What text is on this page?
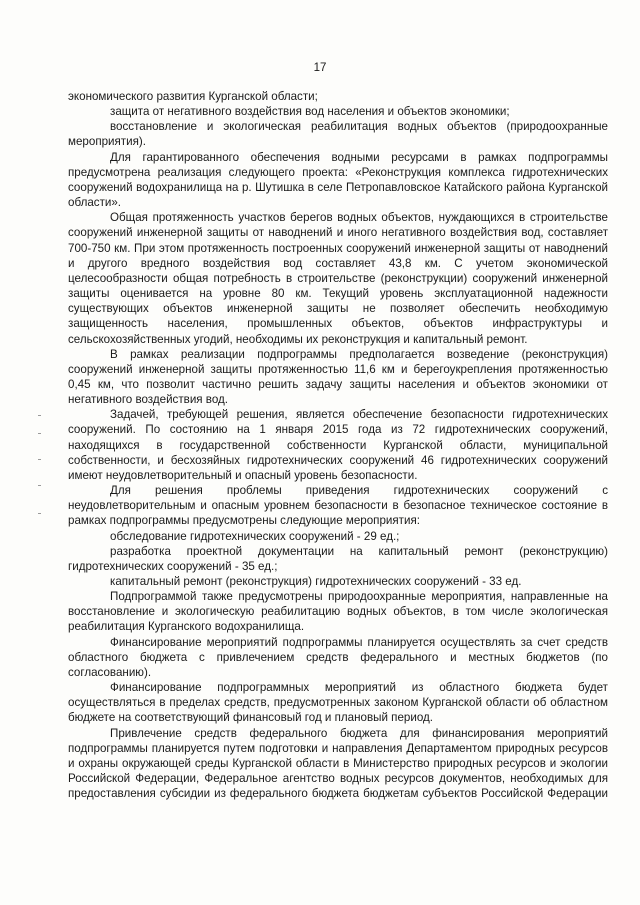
17

экономического развития Курганской области;

защита от негативного воздействия вод населения и объектов экономики;

восстановление и экологическая реабилитация водных объектов (природоохранные мероприятия).

Для гарантированного обеспечения водными ресурсами в рамках подпрограммы предусмотрена реализация следующего проекта: «Реконструкция комплекса гидротехнических сооружений водохранилища на р. Шутишка в селе Петропавловское Катайского района Курганской области».

Общая протяженность участков берегов водных объектов, нуждающихся в строительстве сооружений инженерной защиты от наводнений и иного негативного воздействия вод, составляет 700-750 км. При этом протяженность построенных сооружений инженерной защиты от наводнений и другого вредного воздействия вод составляет 43,8 км. С учетом экономической целесообразности общая потребность в строительстве (реконструкции) сооружений инженерной защиты оценивается на уровне 80 км. Текущий уровень эксплуатационной надежности существующих объектов инженерной защиты не позволяет обеспечить необходимую защищенность населения, промышленных объектов, объектов инфраструктуры и сельскохозяйственных угодий, необходимы их реконструкция и капитальный ремонт.

В рамках реализации подпрограммы предполагается возведение (реконструкция) сооружений инженерной защиты протяженностью 11,6 км и берегоукрепления протяженностью 0,45 км, что позволит частично решить задачу защиты населения и объектов экономики от негативного воздействия вод.

Задачей, требующей решения, является обеспечение безопасности гидротехнических сооружений. По состоянию на 1 января 2015 года из 72 гидротехнических сооружений, находящихся в государственной собственности Курганской области, муниципальной собственности, и бесхозяйных гидротехнических сооружений 46 гидротехнических сооружений имеют неудовлетворительный и опасный уровень безопасности.

Для решения проблемы приведения гидротехнических сооружений с неудовлетворительным и опасным уровнем безопасности в безопасное техническое состояние в рамках подпрограммы предусмотрены следующие мероприятия:

обследование гидротехнических сооружений - 29 ед.;

разработка проектной документации на капитальный ремонт (реконструкцию) гидротехнических сооружений - 35 ед.;

капитальный ремонт (реконструкция) гидротехнических сооружений - 33 ед.

Подпрограммой также предусмотрены природоохранные мероприятия, направленные на восстановление и экологическую реабилитацию водных объектов, в том числе экологическая реабилитация Курганского водохранилища.

Финансирование мероприятий подпрограммы планируется осуществлять за счет средств областного бюджета с привлечением средств федерального и местных бюджетов (по согласованию).

Финансирование подпрограммных мероприятий из областного бюджета будет осуществляться в пределах средств, предусмотренных законом Курганской области об областном бюджете на соответствующий финансовый год и плановый период.

Привлечение средств федерального бюджета для финансирования мероприятий подпрограммы планируется путем подготовки и направления Департаментом природных ресурсов и охраны окружающей среды Курганской области в Министерство природных ресурсов и экологии Российской Федерации, Федеральное агентство водных ресурсов документов, необходимых для предоставления субсидии из федерального бюджета бюджетам субъектов Российской Федерации
